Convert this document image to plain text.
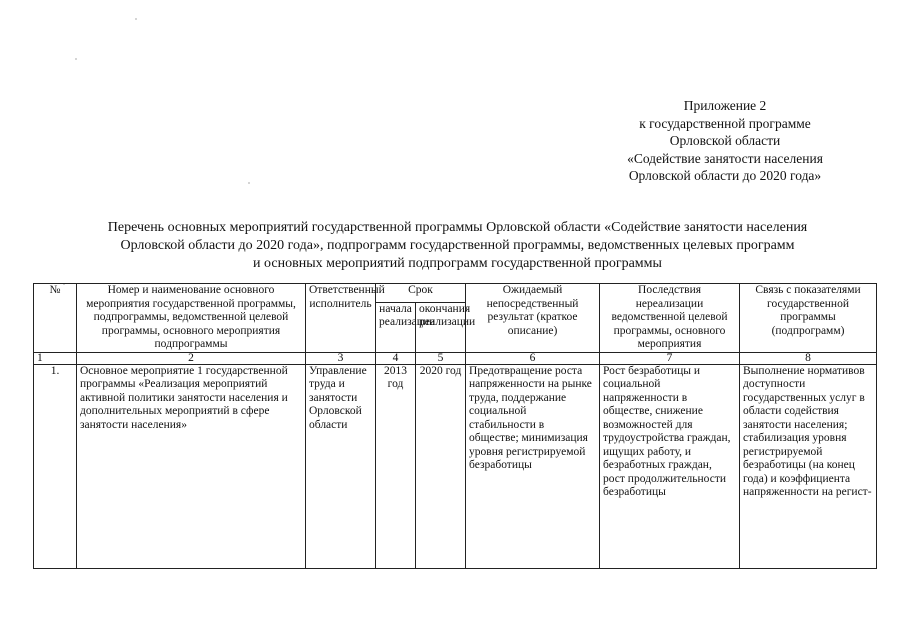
Приложение 2
к государственной программе
Орловской области
«Содействие занятости населения
Орловской области до 2020 года»
Перечень основных мероприятий государственной программы Орловской области «Содействие занятости населения
Орловской области до 2020 года», подпрограмм государственной программы, ведомственных целевых программ
и основных мероприятий подпрограмм государственной программы
№	Номер и наименование основного мероприятия государственной программы, подпрограммы, ведомственной целевой программы, основного мероприятия подпрограммы	Ответственный исполнитель	Срок		Ожидаемый непосредственный результат (краткое описание)	Последствия нереализации ведомственной целевой программы, основного мероприятия	Связь с показателями государственной программы (подпрограмм)
			начала реализации	окончания реализации			
1	2	3	4	5	6	7	8
1.	Основное мероприятие 1 государственной программы «Реализация мероприятий активной политики занятости населения и дополнительных мероприятий в сфере занятости населения»	Управление труда и занятости Орловской области	2013 год	2020 год	Предотвращение роста напряженности на рынке труда, поддержание социальной стабильности в обществе; минимизация уровня регистрируемой безработицы	Рост безработицы и социальной напряженности в обществе, снижение возможностей для трудоустройства граждан, ищущих работу, и безработных граждан, рост продолжительности безработицы	Выполнение нормативов доступности государственных услуг в области содействия занятости населения; стабилизация уровня регистрируемой безработицы (на конец года) и коэффициента напряженности на регист-
